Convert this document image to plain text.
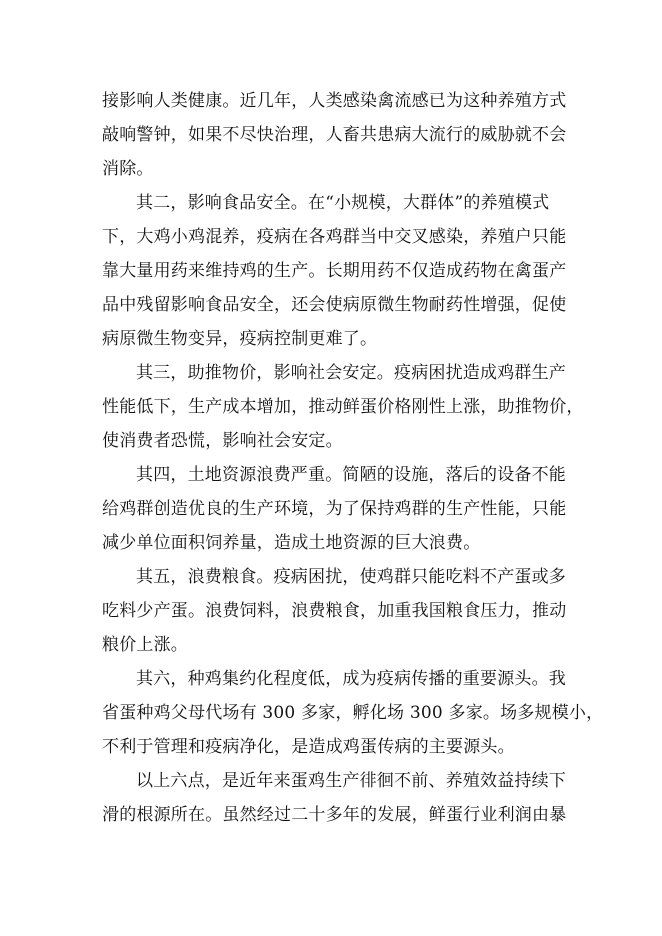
接影响人类健康。近几年，人类感染禽流感已为这种养殖方式
敲响警钟，如果不尽快治理，人畜共患病大流行的威胁就不会
消除。
其二，影响食品安全。在“小规模，大群体”的养殖模式
下，大鸡小鸡混养，疫病在各鸡群当中交叉感染，养殖户只能
靠大量用药来维持鸡的生产。长期用药不仅造成药物在禽蛋产
品中残留影响食品安全，还会使病原微生物耐药性增强，促使
病原微生物变异，疫病控制更难了。
其三，助推物价，影响社会安定。疫病困扰造成鸡群生产
性能低下，生产成本增加，推动鲜蛋价格刚性上涨，助推物价，
使消费者恐慌，影响社会安定。
其四，土地资源浪费严重。简陋的设施，落后的设备不能
给鸡群创造优良的生产环境，为了保持鸡群的生产性能，只能
减少单位面积饲养量，造成土地资源的巨大浪费。
其五，浪费粮食。疫病困扰，使鸡群只能吃料不产蛋或多
吃料少产蛋。浪费饲料，浪费粮食，加重我国粮食压力，推动
粮价上涨。
其六，种鸡集约化程度低，成为疫病传播的重要源头。我
省蛋种鸡父母代场有 300 多家，孵化场 300 多家。场多规模小，
不利于管理和疫病净化，是造成鸡蛋传病的主要源头。
以上六点，是近年来蛋鸡生产徘徊不前、养殖效益持续下
滑的根源所在。虽然经过二十多年的发展，鲜蛋行业利润由暴
